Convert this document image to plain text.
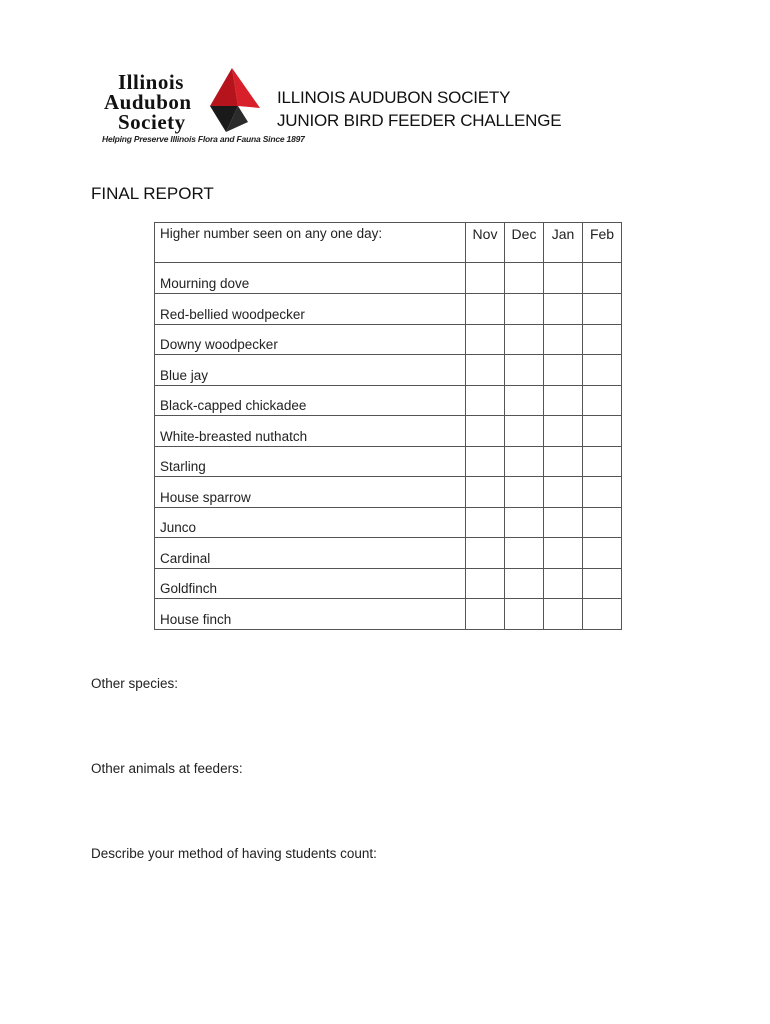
Illinois
Audubon
Society
Helping Preserve Illinois Flora and Fauna Since 1897
ILLINOIS AUDUBON SOCIETY
JUNIOR BIRD FEEDER CHALLENGE
FINAL REPORT
Higher number seen on any one day:	Nov	Dec	Jan	Feb
Mourning dove				
Red-bellied woodpecker				
Downy woodpecker				
Blue jay				
Black-capped chickadee				
White-breasted nuthatch				
Starling				
House sparrow				
Junco				
Cardinal				
Goldfinch				
House finch				
Other species:
Other animals at feeders:
Describe your method of having students count:
